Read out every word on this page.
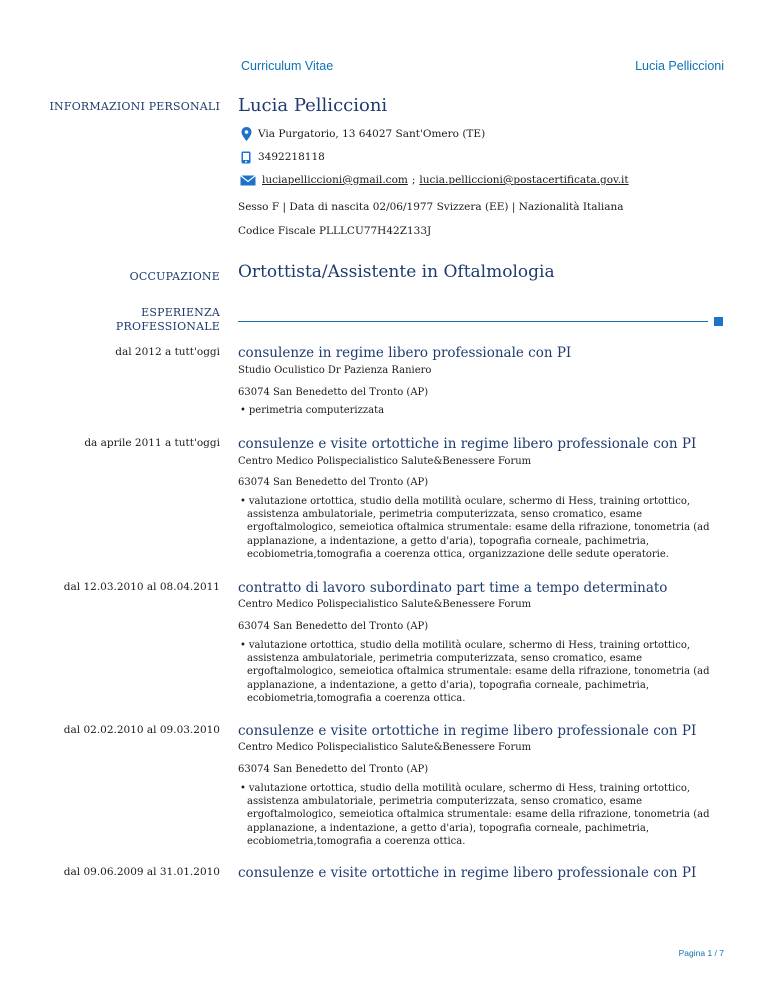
Curriculum Vitae	Lucia Pelliccioni
INFORMAZIONI PERSONALI Lucia Pelliccioni
Via Purgatorio, 13 64027 Sant'Omero (TE)
3492218118
luciapelliccioni@gmail.com ; lucia.pelliccioni@postacertificata.gov.it
Sesso F | Data di nascita 02/06/1977 Svizzera (EE) | Nazionalità Italiana
Codice Fiscale PLLLCU77H42Z133J
OCCUPAZIONE Ortottista/Assistente in Oftalmologia
ESPERIENZA
PROFESSIONALE
dal 2012 a tutt'oggi consulenze in regime libero professionale con PI
Studio Oculistico Dr Pazienza Raniero
63074 San Benedetto del Tronto (AP)

• perimetria computerizzata

da aprile 2011 a tutt'oggi consulenze e visite ortottiche in regime libero professionale con PI
Centro Medico Polispecialistico Salute&Benessere Forum
63074 San Benedetto del Tronto (AP)

• valutazione ortottica, studio della motilità oculare, schermo di Hess, training ortottico, assistenza ambulatoriale, perimetria computerizzata, senso cromatico, esame ergoftalmologico, semeiotica oftalmica strumentale: esame della rifrazione, tonometria (ad applanazione, a indentazione, a getto d'aria), topografia corneale, pachimetria, ecobiometria,tomografia a coerenza ottica, organizzazione delle sedute operatorie.

dal 12.03.2010 al 08.04.2011 contratto di lavoro subordinato part time a tempo determinato
Centro Medico Polispecialistico Salute&Benessere Forum
63074 San Benedetto del Tronto (AP)

• valutazione ortottica, studio della motilità oculare, schermo di Hess, training ortottico, assistenza ambulatoriale, perimetria computerizzata, senso cromatico, esame ergoftalmologico, semeiotica oftalmica strumentale: esame della rifrazione, tonometria (ad applanazione, a indentazione, a getto d'aria), topografia corneale, pachimetria, ecobiometria,tomografia a coerenza ottica.

dal 02.02.2010 al 09.03.2010 consulenze e visite ortottiche in regime libero professionale con PI
Centro Medico Polispecialistico Salute&Benessere Forum
63074 San Benedetto del Tronto (AP)

• valutazione ortottica, studio della motilità oculare, schermo di Hess, training ortottico, assistenza ambulatoriale, perimetria computerizzata, senso cromatico, esame ergoftalmologico, semeiotica oftalmica strumentale: esame della rifrazione, tonometria (ad applanazione, a indentazione, a getto d'aria), topografia corneale, pachimetria, ecobiometria,tomografia a coerenza ottica.

dal 09.06.2009 al 31.01.2010 consulenze e visite ortottiche in regime libero professionale con PI
Pagina 1 / 7
